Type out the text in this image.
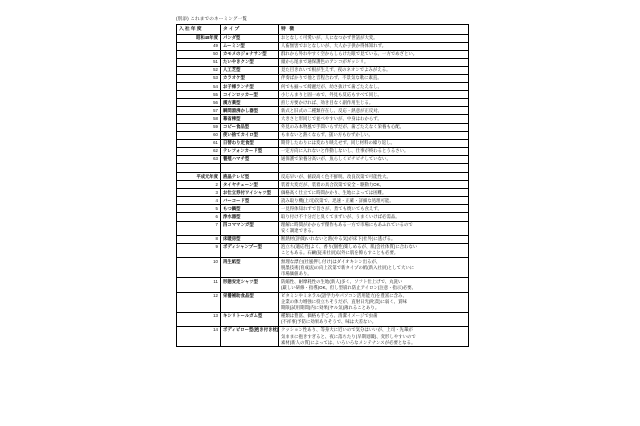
(別添) これまでのネーミング一覧
入社年度	タイプ	特 徴
昭和48年度	パンダ型	おとなしく可愛いが、人になつかず世話が大変。

49	ムーミン型	人畜無害でおとなしいが、大人か子供か得体知れず。

50	カモメのジョナサン型	群れから外れやすく空からしらけた眼で見ている。一方でめざとい。

51	たいやきクン型	頭から尾まで通保護色のアンコがギッシリ。

52	人工芝型	見た目きれいで根が生えず、夜のネオンでよみがえる。

53	カラオケ型	伴奏ばかりで他と音程合わず、不景気な歌に素直。

54	お子様ランチ型	何でも揃って綺麗だが、幼さ抜けて歯ごたえなし。

55	コインロッカー型	小じんまりと固一めで、外見も反応もすべて同じ。

56	漢方薬型	煎じ方要かければ、効き目なく副作用生じる。

57	瞬間湯沸かし器型	新式と旧式の二種類存在し、反応・熱意が正反対。

58	幕省棟型	大きさと形同じで並べやすいが、中身はわからず。

59	コピー食品型	外見のみ本物風で手間いらずだが、歯ごたえなく栄養も心配。

60	使い捨てカイロ型	もまないと熱くならず、扱い方もむずかしい。

61	日替わり定食型	期待したわりには変わり映えせず、同じ材料の繰り返し。

62	テレフォンカード型	一定方向に入れないと作動しないし、仕事が終わるとうるさい。

63	養殖ハマチ型	通保護で栄養分高いが、魚らしくピチピチしていない。

平成元年度	液晶テレビ型	反応早いが、値段高く色不鮮明。改良次第で可能性大。

2	タイヤチェーン型	装着大変だが、装着の具合次第で安全・駆動力OK。

3	お仕立券付ワイシャツ型	価格高く仕立てに時間かかり、生地によっては困難。

4	バーコード型	読み取り機(上司)次第で、迅速・正確・詳細な処理可能。

5	もつ鍋型	一見得体知れずで旨さが、煮ても焼いても食えず。

6	浄水器型	取り付け不十分だと臭くてまずいが、うまくいけば必需品。

7	四コママンガ型	理解に時間がかからず傑作もある一方で市場にもあふれているので
安く調達できる。

8	床暖房型	断熱材(評価)いれないと熱(やる気)が床下(社外)に逃げる。

9	ボディシャンプー型	泡立ち(適応性)よく、香り(個性)楽しめるが、肌(会社体質)に合わない
こともある。石鹸(従来社員)以外に肌を僚らすことも必要。

10	再生紙型	無理な漂白(社風押し付け)はダイオキシン出るが、
脱墨技術(育成法)の向上次第で新タイプの紙(新入社員)として大いに
市場価値あり。

11	形態安定シャツ型	防縮性、耐摩耗性の生地(新人)多く、ソフト仕上げで、丸洗い
(厳しい研修・指導)OK。但し型崩れ防止アイロン(注意・指示)必要。

12	栄養補助食品型	ビタミンやミネラル(語学力やパソコン活用能力)を豊富に含み、
企業の体力増強に役立ちそうだが、直射日光(叱責)に弱く、賞味
期限(試用期間)内に効果(ヤル気)薄れることあり。

13	キシリトールガム型	種類は豊富、価格も手ごろ、清潔イメージで虫歯
(不祥事)予防に効果ありそうで、味は大差ない。

14	ボディピロー型(抱き付き枕)	クッション性あり、等身大に近いので気分はいいが、上司・先輩が
気ままに抱きすぎると、夜に落ちたり(早期退職)、変形しやすいので
素材(新人の質)によっては、いろいろなメンテナンスが必要となる。
